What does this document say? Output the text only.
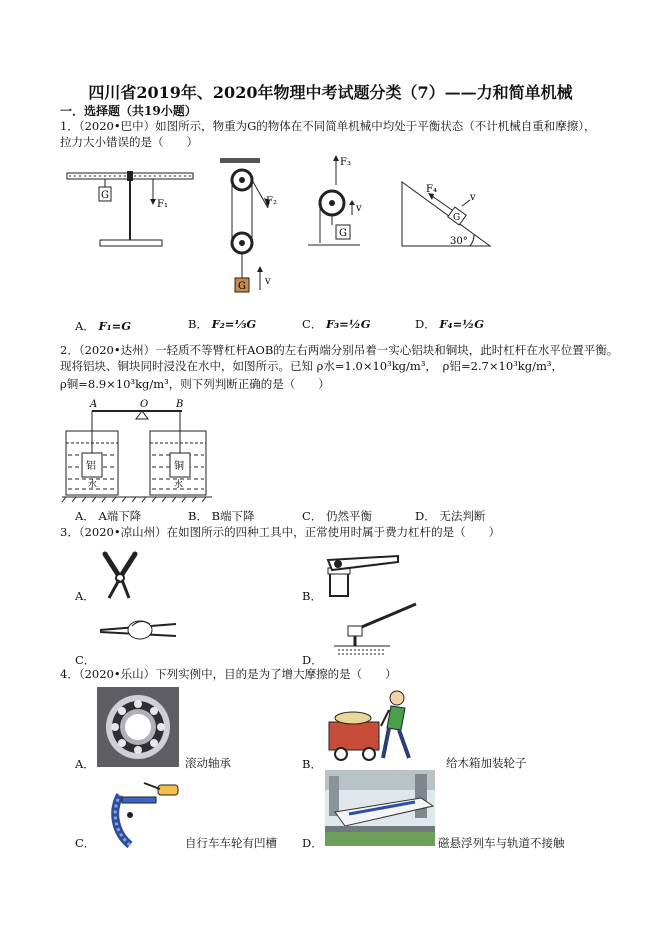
四川省2019年、2020年物理中考试题分类（7）——力和简单机械
一．选择题（共19小题）
1．（2020•巴中）如图所示，物重为G的物体在不同简单机械中均处于平衡状态（不计机械自重和摩擦），
拉力大小错误的是（　　）
G
F₁	F₂
G v
F₃
G
v
30°
G
F₄
v
A． F₁=G	B． F₂=⅓G	C． F₃=½G	D． F₄=½G
2．（2020•达州）一轻质不等臂杠杆AOB的左右两端分别吊着一实心铝块和铜块，此时杠杆在水平位置平衡。
现将铝块、铜块同时浸没在水中，如图所示。已知 ρ水=1.0×10³kg/m³，　ρ铝=2.7×10³kg/m³，
ρ铜=8.9×10³kg/m³，则下列判断正确的是（　　）
A	O	B
铝
水
铜
水
A． A端下降	B． B端下降	C． 仍然平衡	D． 无法判断
3．（2020•凉山州）在如图所示的四种工具中，正常使用时属于费力杠杆的是（　　）
A．	B．
C．	D．
4．（2020•乐山）下列实例中，目的是为了增大摩擦的是（　　）
A．	滚动轴承	B．	给木箱加装轮子
C．	自行车车轮有凹槽 D．	磁悬浮列车与轨道不接触
